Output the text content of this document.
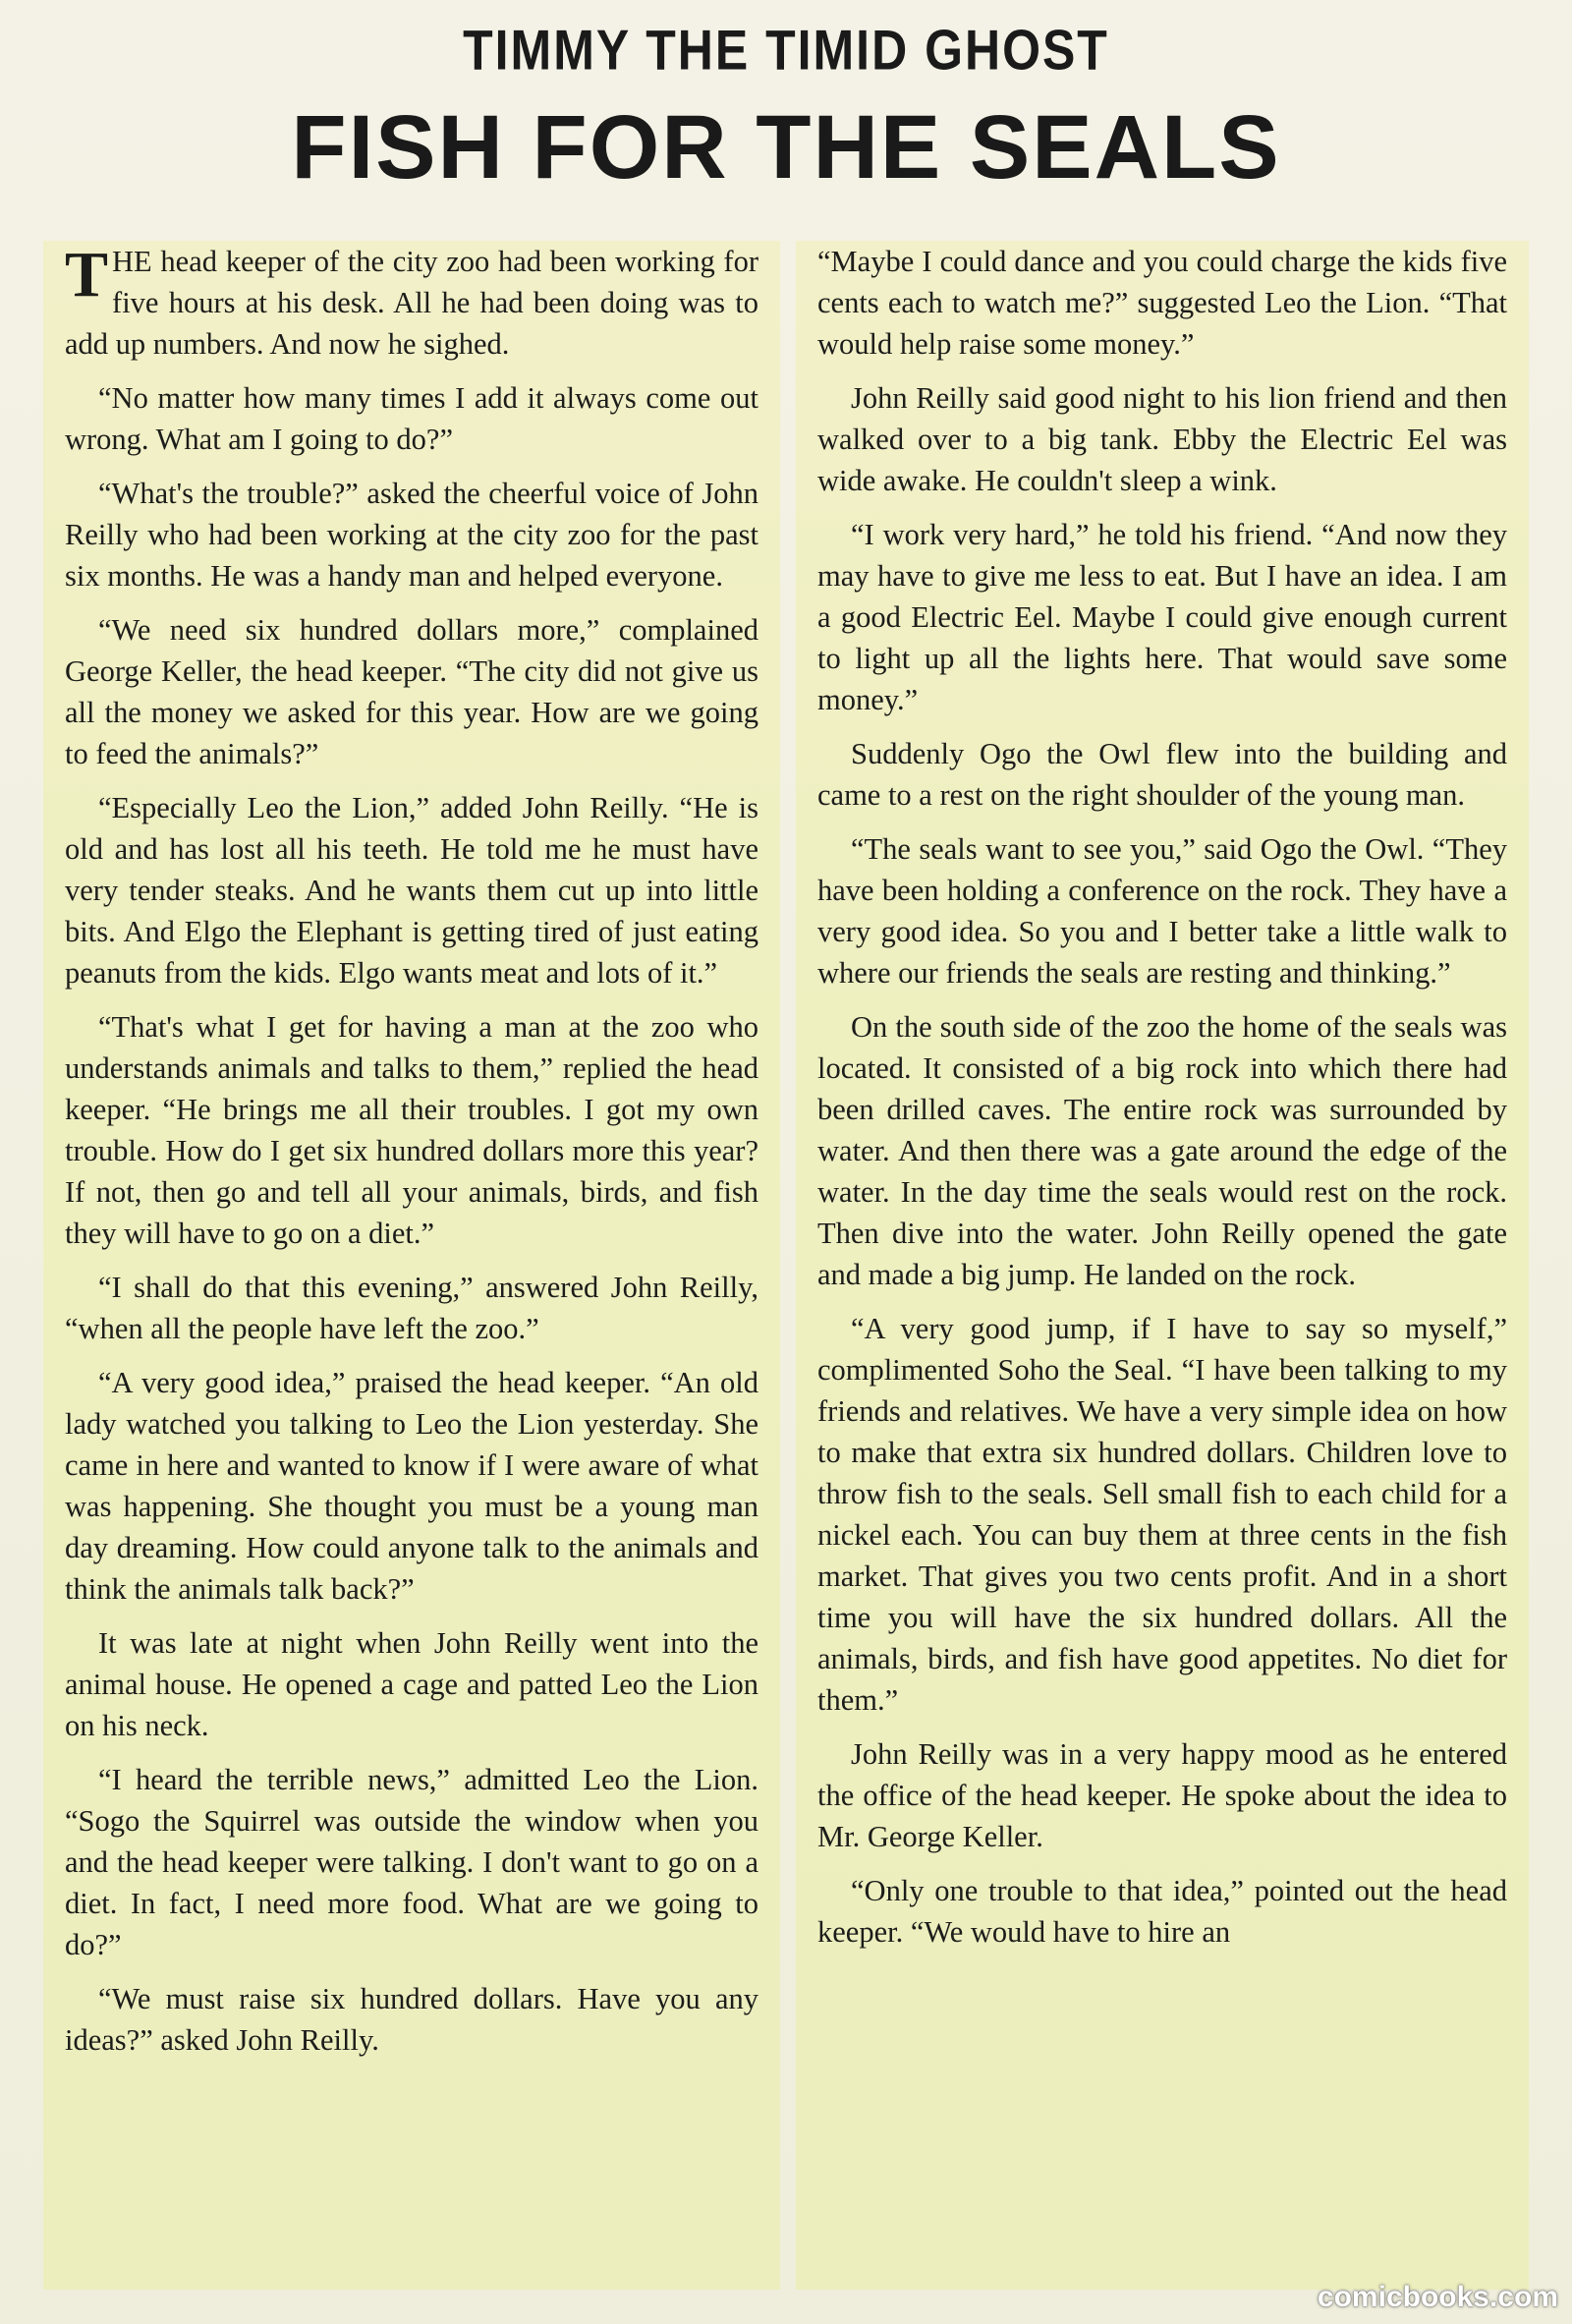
TIMMY THE TIMID GHOST
FISH FOR THE SEALS

THE head keeper of the city zoo had been working for five hours at his desk. All he had been doing was to add up numbers. And now he sighed.

“No matter how many times I add it always come out wrong. What am I going to do?”

“What's the trouble?” asked the cheerful voice of John Reilly who had been working at the city zoo for the past six months. He was a handy man and helped everyone.

“We need six hundred dollars more,” complained George Keller, the head keeper. “The city did not give us all the money we asked for this year. How are we going to feed the animals?”

“Especially Leo the Lion,” added John Reilly. “He is old and has lost all his teeth. He told me he must have very tender steaks. And he wants them cut up into little bits. And Elgo the Elephant is getting tired of just eating peanuts from the kids. Elgo wants meat and lots of it.”

“That's what I get for having a man at the zoo who understands animals and talks to them,” replied the head keeper. “He brings me all their troubles. I got my own trouble. How do I get six hundred dollars more this year? If not, then go and tell all your animals, birds, and fish they will have to go on a diet.”

“I shall do that this evening,” answered John Reilly, “when all the people have left the zoo.”

“A very good idea,” praised the head keeper. “An old lady watched you talking to Leo the Lion yesterday. She came in here and wanted to know if I were aware of what was happening. She thought you must be a young man day dreaming. How could anyone talk to the animals and think the animals talk back?”

It was late at night when John Reilly went into the animal house. He opened a cage and patted Leo the Lion on his neck.

“I heard the terrible news,” admitted Leo the Lion. “Sogo the Squirrel was outside the window when you and the head keeper were talking. I don't want to go on a diet. In fact, I need more food. What are we going to do?”

“We must raise six hundred dollars. Have you any ideas?” asked John Reilly.

“Maybe I could dance and you could charge the kids five cents each to watch me?” suggested Leo the Lion. “That would help raise some money.”

John Reilly said good night to his lion friend and then walked over to a big tank. Ebby the Electric Eel was wide awake. He couldn't sleep a wink.

“I work very hard,” he told his friend. “And now they may have to give me less to eat. But I have an idea. I am a good Electric Eel. Maybe I could give enough current to light up all the lights here. That would save some money.”

Suddenly Ogo the Owl flew into the building and came to a rest on the right shoulder of the young man.

“The seals want to see you,” said Ogo the Owl. “They have been holding a conference on the rock. They have a very good idea. So you and I better take a little walk to where our friends the seals are resting and thinking.”

On the south side of the zoo the home of the seals was located. It consisted of a big rock into which there had been drilled caves. The entire rock was surrounded by water. And then there was a gate around the edge of the water. In the day time the seals would rest on the rock. Then dive into the water. John Reilly opened the gate and made a big jump. He landed on the rock.

“A very good jump, if I have to say so myself,” complimented Soho the Seal. “I have been talking to my friends and relatives. We have a very simple idea on how to make that extra six hundred dollars. Children love to throw fish to the seals. Sell small fish to each child for a nickel each. You can buy them at three cents in the fish market. That gives you two cents profit. And in a short time you will have the six hundred dollars. All the animals, birds, and fish have good appetites. No diet for them.”

John Reilly was in a very happy mood as he entered the office of the head keeper. He spoke about the idea to Mr. George Keller.

“Only one trouble to that idea,” pointed out the head keeper. “We would have to hire an

comicbooks.com
